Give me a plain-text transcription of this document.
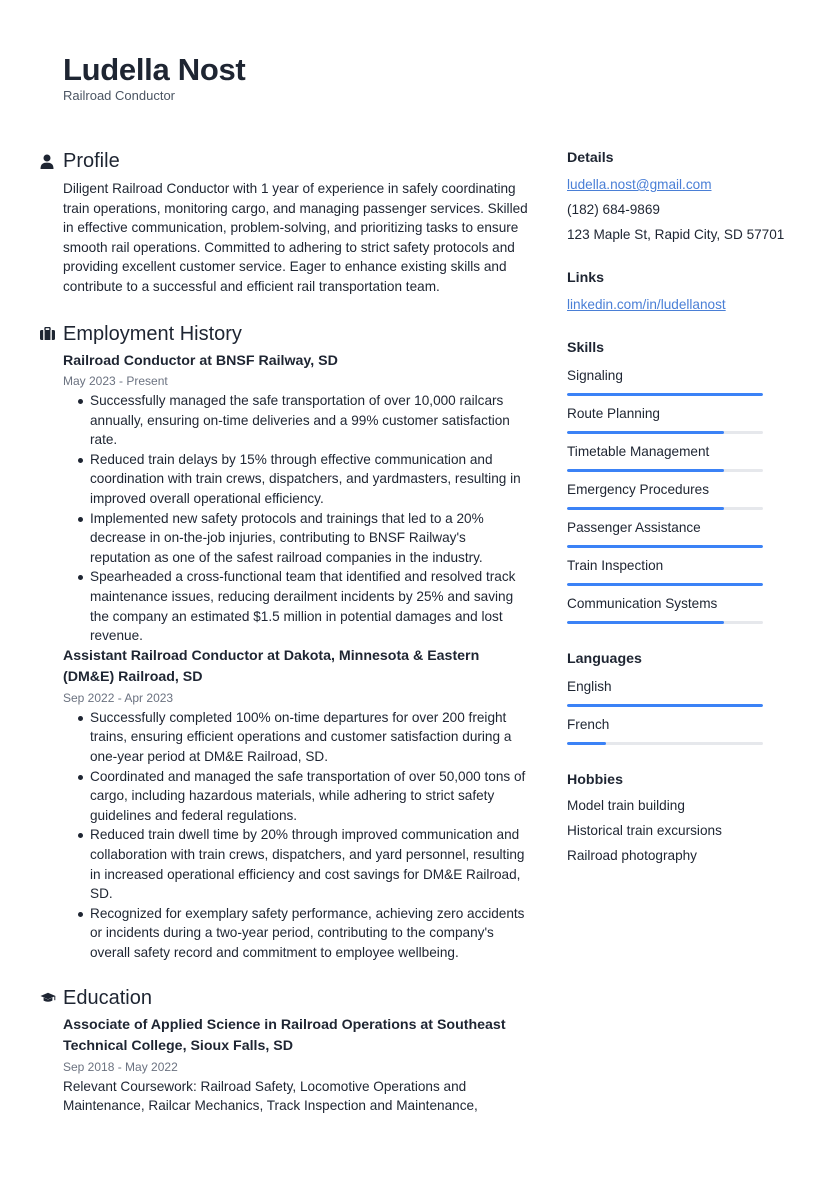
Ludella Nost
Railroad Conductor
Profile
Diligent Railroad Conductor with 1 year of experience in safely coordinating train operations, monitoring cargo, and managing passenger services. Skilled in effective communication, problem-solving, and prioritizing tasks to ensure smooth rail operations. Committed to adhering to strict safety protocols and providing excellent customer service. Eager to enhance existing skills and contribute to a successful and efficient rail transportation team.
Employment History
Railroad Conductor at BNSF Railway, SD
May 2023 - Present
Successfully managed the safe transportation of over 10,000 railcars annually, ensuring on-time deliveries and a 99% customer satisfaction rate.
Reduced train delays by 15% through effective communication and coordination with train crews, dispatchers, and yardmasters, resulting in improved overall operational efficiency.
Implemented new safety protocols and trainings that led to a 20% decrease in on-the-job injuries, contributing to BNSF Railway's reputation as one of the safest railroad companies in the industry.
Spearheaded a cross-functional team that identified and resolved track maintenance issues, reducing derailment incidents by 25% and saving the company an estimated $1.5 million in potential damages and lost revenue.
Assistant Railroad Conductor at Dakota, Minnesota & Eastern (DM&E) Railroad, SD
Sep 2022 - Apr 2023
Successfully completed 100% on-time departures for over 200 freight trains, ensuring efficient operations and customer satisfaction during a one-year period at DM&E Railroad, SD.
Coordinated and managed the safe transportation of over 50,000 tons of cargo, including hazardous materials, while adhering to strict safety guidelines and federal regulations.
Reduced train dwell time by 20% through improved communication and collaboration with train crews, dispatchers, and yard personnel, resulting in increased operational efficiency and cost savings for DM&E Railroad, SD.
Recognized for exemplary safety performance, achieving zero accidents or incidents during a two-year period, contributing to the company's overall safety record and commitment to employee wellbeing.
Education
Associate of Applied Science in Railroad Operations at Southeast Technical College, Sioux Falls, SD
Sep 2018 - May 2022
Relevant Coursework: Railroad Safety, Locomotive Operations and Maintenance, Railcar Mechanics, Track Inspection and Maintenance,
Details
ludella.nost@gmail.com
(182) 684-9869
123 Maple St, Rapid City, SD 57701
Links
linkedin.com/in/ludellanost
Skills
Signaling
Route Planning
Timetable Management
Emergency Procedures
Passenger Assistance
Train Inspection
Communication Systems
Languages
English
French
Hobbies
Model train building
Historical train excursions
Railroad photography
